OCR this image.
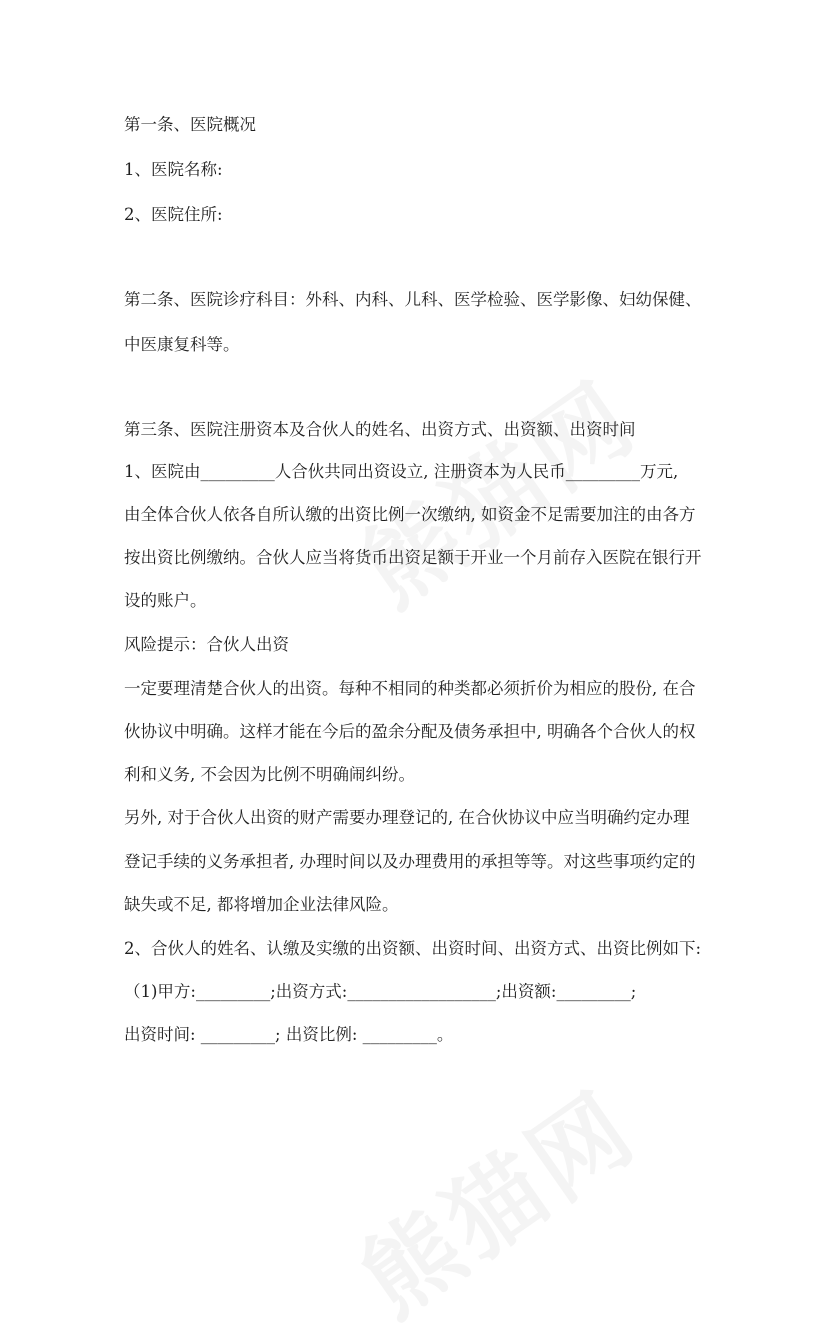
第一条、医院概况
1、医院名称:
2、医院住所:
第二条、医院诊疗科目：外科、内科、儿科、医学检验、医学影像、妇幼保健、
中医康复科等。
第三条、医院注册资本及合伙人的姓名、出资方式、出资额、出资时间
1、医院由_________人合伙共同出资设立, 注册资本为人民币_________万元,
由全体合伙人依各自所认缴的出资比例一次缴纳, 如资金不足需要加注的由各方
按出资比例缴纳。合伙人应当将货币出资足额于开业一个月前存入医院在银行开
设的账户。
风险提示：合伙人出资
一定要理清楚合伙人的出资。每种不相同的种类都必须折价为相应的股份, 在合
伙协议中明确。这样才能在今后的盈余分配及债务承担中, 明确各个合伙人的权
利和义务, 不会因为比例不明确闹纠纷。
另外, 对于合伙人出资的财产需要办理登记的, 在合伙协议中应当明确约定办理
登记手续的义务承担者, 办理时间以及办理费用的承担等等。对这些事项约定的
缺失或不足, 都将增加企业法律风险。
2、合伙人的姓名、认缴及实缴的出资额、出资时间、出资方式、出资比例如下:
（1)甲方:_________;出资方式:__________________;出资额:_________;
出资时间: _________; 出资比例: _________。
